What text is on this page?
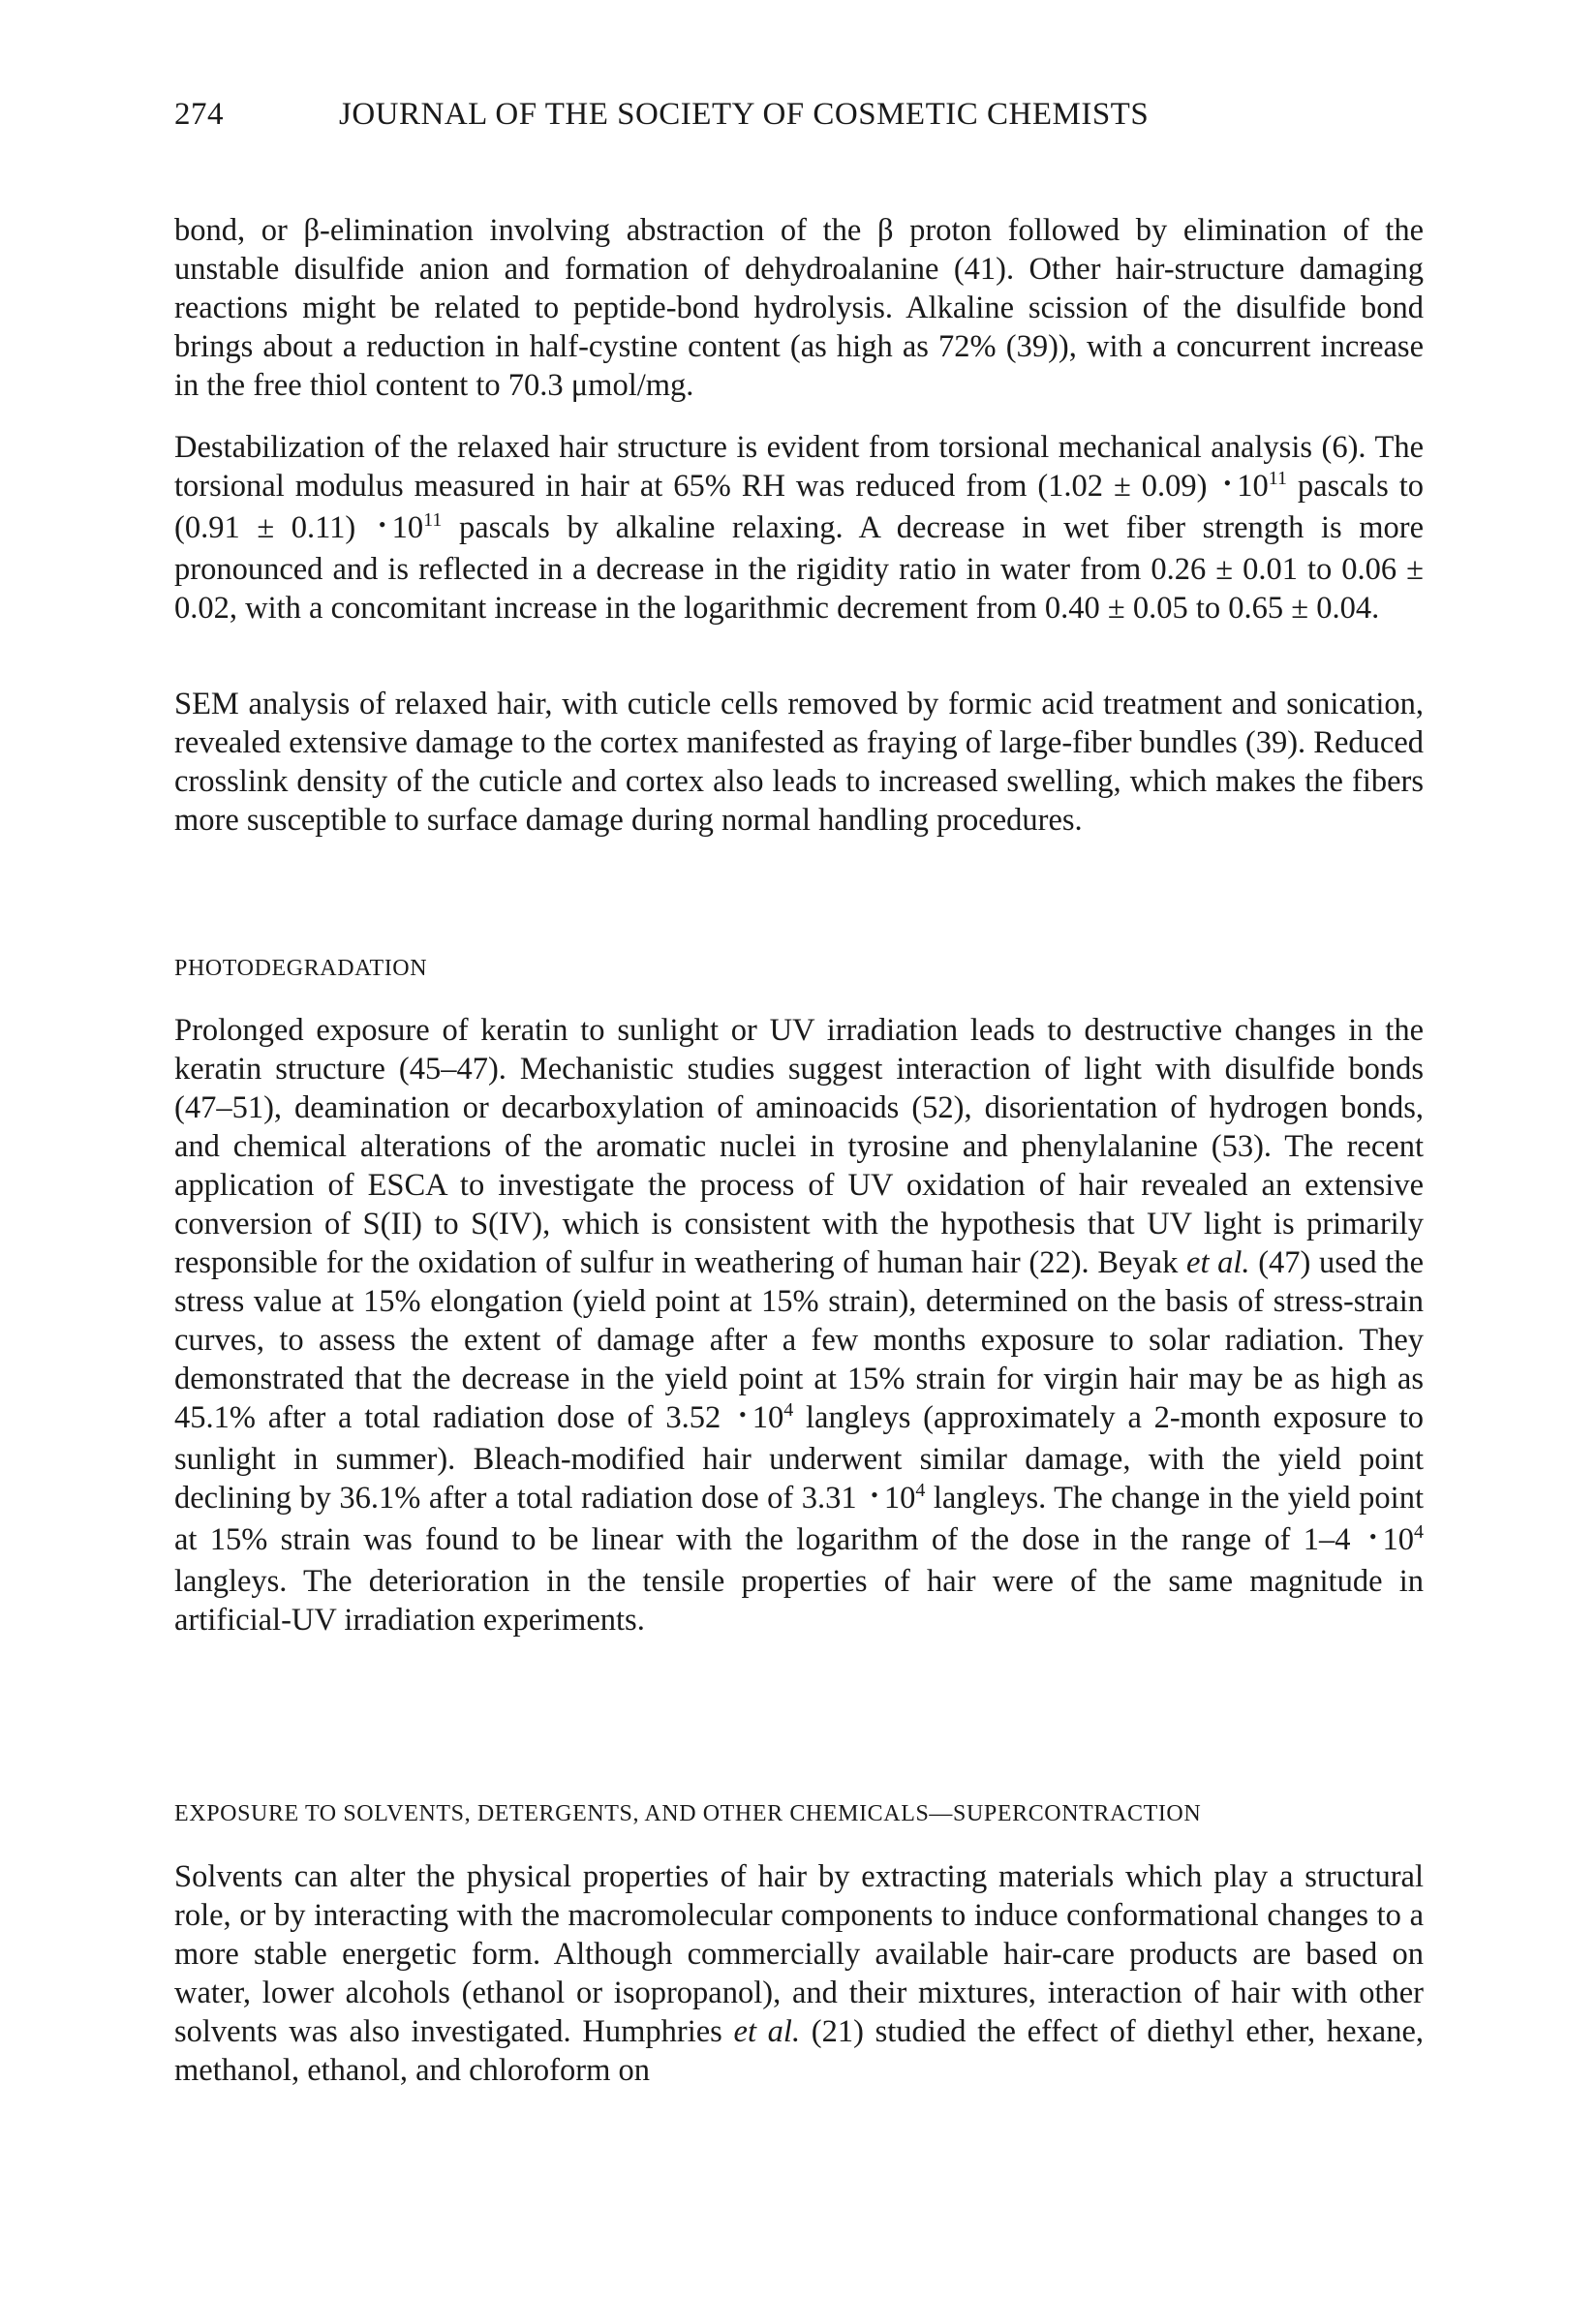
274	JOURNAL OF THE SOCIETY OF COSMETIC CHEMISTS

bond, or β-elimination involving abstraction of the β proton followed by elimination of the unstable disulfide anion and formation of dehydroalanine (41). Other hair-structure damaging reactions might be related to peptide-bond hydrolysis. Alkaline scission of the disulfide bond brings about a reduction in half-cystine content (as high as 72% (39)), with a concurrent increase in the free thiol content to 70.3 μmol/mg.

Destabilization of the relaxed hair structure is evident from torsional mechanical analysis (6). The torsional modulus measured in hair at 65% RH was reduced from (1.02 ± 0.09) • $10^{11}$ pascals to (0.91 ± 0.11) • $10^{11}$ pascals by alkaline relaxing. A decrease in wet fiber strength is more pronounced and is reflected in a decrease in the rigidity ratio in water from 0.26 ± 0.01 to 0.06 ± 0.02, with a concomitant increase in the logarithmic decrement from 0.40 ± 0.05 to 0.65 ± 0.04.

SEM analysis of relaxed hair, with cuticle cells removed by formic acid treatment and sonication, revealed extensive damage to the cortex manifested as fraying of large-fiber bundles (39). Reduced crosslink density of the cuticle and cortex also leads to increased swelling, which makes the fibers more susceptible to surface damage during normal handling procedures.

PHOTODEGRADATION

Prolonged exposure of keratin to sunlight or UV irradiation leads to destructive changes in the keratin structure (45–47). Mechanistic studies suggest interaction of light with disulfide bonds (47–51), deamination or decarboxylation of aminoacids (52), disorientation of hydrogen bonds, and chemical alterations of the aromatic nuclei in tyrosine and phenylalanine (53). The recent application of ESCA to investigate the process of UV oxidation of hair revealed an extensive conversion of S(II) to S(IV), which is consistent with the hypothesis that UV light is primarily responsible for the oxidation of sulfur in weathering of human hair (22). Beyak et al. (47) used the stress value at 15% elongation (yield point at 15% strain), determined on the basis of stress-strain curves, to assess the extent of damage after a few months exposure to solar radiation. They demonstrated that the decrease in the yield point at 15% strain for virgin hair may be as high as 45.1% after a total radiation dose of 3.52 • $10^4$ langleys (approximately a 2-month exposure to sunlight in summer). Bleach-modified hair underwent similar damage, with the yield point declining by 36.1% after a total radiation dose of 3.31 • $10^4$ langleys. The change in the yield point at 15% strain was found to be linear with the logarithm of the dose in the range of 1–4 • $10^4$ langleys. The deterioration in the tensile properties of hair were of the same magnitude in artificial-UV irradiation experiments.

EXPOSURE TO SOLVENTS, DETERGENTS, AND OTHER CHEMICALS—SUPERCONTRACTION

Solvents can alter the physical properties of hair by extracting materials which play a structural role, or by interacting with the macromolecular components to induce conformational changes to a more stable energetic form. Although commercially available hair-care products are based on water, lower alcohols (ethanol or isopropanol), and their mixtures, interaction of hair with other solvents was also investigated. Humphries et al. (21) studied the effect of diethyl ether, hexane, methanol, ethanol, and chloroform on
